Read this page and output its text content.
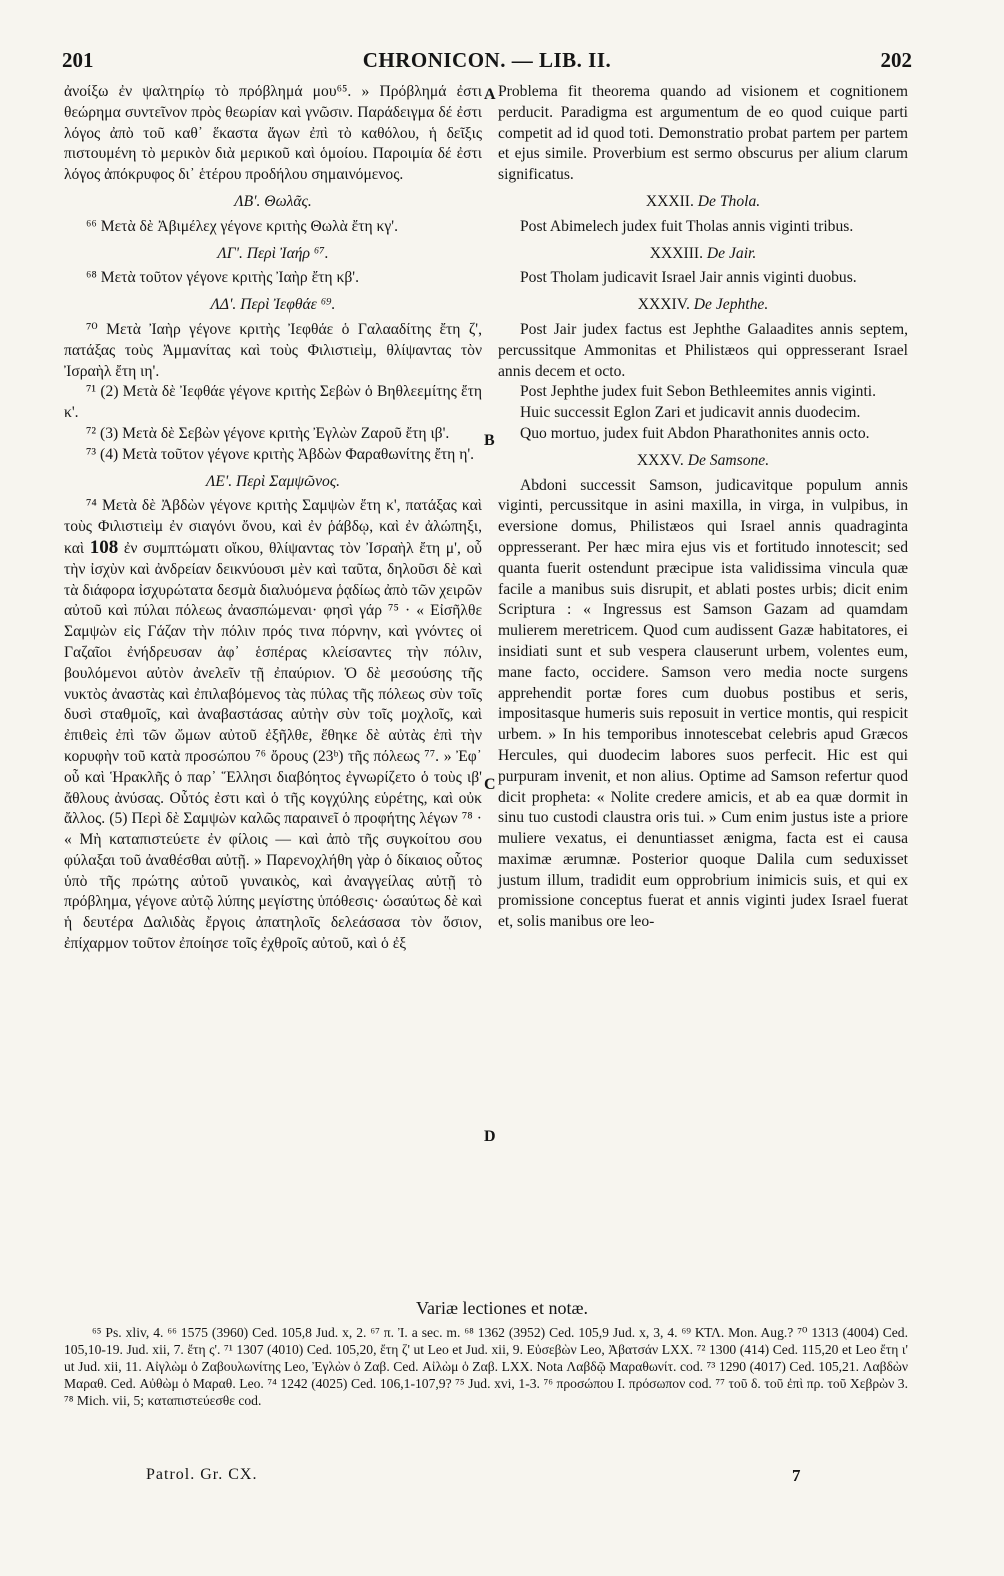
201	CHRONICON. — LIB. II.	202
A
B
C
D

ἀνοίξω ἐν ψαλτηρίῳ τὸ πρόβλημά μου⁶⁵. » Πρόβλημά ἐστι θεώρημα συντεῖνον πρὸς θεωρίαν καὶ γνῶσιν. Παράδειγμα δέ ἐστι λόγος ἀπὸ τοῦ καθ᾽ ἕκαστα ἄγων ἐπὶ τὸ καθόλου, ἡ δεῖξις πιστουμένη τὸ μερικὸν διὰ μερικοῦ καὶ ὁμοίου. Παροιμία δέ ἐστι λόγος ἀπόκρυφος δι᾽ ἑτέρου προδήλου σημαινόμενος.

ΛΒ'. Θωλᾶς.

⁶⁶ Μετὰ δὲ Ἀβιμέλεχ γέγονε κριτὴς Θωλὰ ἔτη κγ'.

ΛΓ'. Περὶ Ἰαήρ ⁶⁷.

⁶⁸ Μετὰ τοῦτον γέγονε κριτὴς Ἰαὴρ ἔτη κβ'.

ΛΔ'. Περὶ Ἰεφθάε ⁶⁹.

⁷⁰ Μετὰ Ἰαὴρ γέγονε κριτὴς Ἰεφθάε ὁ Γαλααδίτης ἔτη ζ', πατάξας τοὺς Ἀμμανίτας καὶ τοὺς Φιλιστιεὶμ, θλίψαντας τὸν Ἰσραὴλ ἔτη ιη'.

⁷¹ (2) Μετὰ δὲ Ἰεφθάε γέγονε κριτὴς Σεβὼν ὁ Βηθλεεμίτης ἔτη κ'.

⁷² (3) Μετὰ δὲ Σεβὼν γέγονε κριτὴς Ἐγλὼν Ζαροῦ ἔτη ιβ'.

⁷³ (4) Μετὰ τοῦτον γέγονε κριτὴς Ἀβδὼν Φαραθωνίτης ἔτη η'.

ΛΕ'. Περὶ Σαμψῶνος.

⁷⁴ Μετὰ δὲ Ἀβδὼν γέγονε κριτὴς Σαμψὼν ἔτη κ', πατάξας καὶ τοὺς Φιλιστιεὶμ ἐν σιαγόνι ὄνου, καὶ ἐν ῥάβδῳ, καὶ ἐν ἀλώπηξι, καὶ 108 ἐν συμπτώματι οἴκου, θλίψαντας τὸν Ἰσραὴλ ἔτη μ', οὗ τὴν ἰσχὺν καὶ ἀνδρείαν δεικνύουσι μὲν καὶ ταῦτα, δηλοῦσι δὲ καὶ τὰ διάφορα ἰσχυρώτατα δεσμὰ διαλυόμενα ῥᾳδίως ἀπὸ τῶν χειρῶν αὐτοῦ καὶ πύλαι πόλεως ἀνασπώμεναι· φησὶ γάρ ⁷⁵ · « Εἰσῆλθε Σαμψὼν εἰς Γάζαν τὴν πόλιν πρός τινα πόρνην, καὶ γνόντες οἱ Γαζαῖοι ἐνήδρευσαν ἀφ᾽ ἑσπέρας κλείσαντες τὴν πόλιν, βουλόμενοι αὐτὸν ἀνελεῖν τῇ ἐπαύριον. Ὁ δὲ μεσούσης τῆς νυκτὸς ἀναστὰς καὶ ἐπιλαβόμενος τὰς πύλας τῆς πόλεως σὺν τοῖς δυσὶ σταθμοῖς, καὶ ἀναβαστάσας αὐτὴν σὺν τοῖς μοχλοῖς, καὶ ἐπιθεὶς ἐπὶ τῶν ὤμων αὐτοῦ ἐξῆλθε, ἔθηκε δὲ αὐτὰς ἐπὶ τὴν κορυφὴν τοῦ κατὰ προσώπου ⁷⁶ ὄρους (23ᵇ) τῆς πόλεως ⁷⁷. » Ἐφ᾽ οὗ καὶ Ἡρακλῆς ὁ παρ᾽ Ἕλλησι διαβόητος ἐγνωρίζετο ὁ τοὺς ιβ' ἄθλους ἀνύσας. Οὗτός ἐστι καὶ ὁ τῆς κογχύλης εὑρέτης, καὶ οὐκ ἄλλος. (5) Περὶ δὲ Σαμψὼν καλῶς παραινεῖ ὁ προφήτης λέγων ⁷⁸ · « Μὴ καταπιστεύετε ἐν φίλοις — καὶ ἀπὸ τῆς συγκοίτου σου φύλαξαι τοῦ ἀναθέσθαι αὐτῇ. » Παρενοχλήθη γὰρ ὁ δίκαιος οὗτος ὑπὸ τῆς πρώτης αὐτοῦ γυναικὸς, καὶ ἀναγγείλας αὐτῇ τὸ πρόβλημα, γέγονε αὐτῷ λύπης μεγίστης ὑπόθεσις· ὡσαύτως δὲ καὶ ἡ δευτέρα Δαλιδὰς ἔργοις ἀπατηλοῖς δελεάσασα τὸν ὅσιον, ἐπίχαρμον τοῦτον ἐποίησε τοῖς ἐχθροῖς αὐτοῦ, καὶ ὁ ἐξ

Problema fit theorema quando ad visionem et cognitionem perducit. Paradigma est argumentum de eo quod cuique parti competit ad id quod toti. Demonstratio probat partem per partem et ejus simile. Proverbium est sermo obscurus per alium clarum significatus.

XXXII. De Thola.

Post Abimelech judex fuit Tholas annis viginti tribus.

XXXIII. De Jair.

Post Tholam judicavit Israel Jair annis viginti duobus.

XXXIV. De Jephthe.

Post Jair judex factus est Jephthe Galaadites annis septem, percussitque Ammonitas et Philistæos qui oppresserant Israel annis decem et octo.

Post Jephthe judex fuit Sebon Bethleemites annis viginti.

Huic successit Eglon Zari et judicavit annis duodecim.

Quo mortuo, judex fuit Abdon Pharathonites annis octo.

XXXV. De Samsone.

Abdoni successit Samson, judicavitque populum annis viginti, percussitque in asini maxilla, in virga, in vulpibus, in eversione domus, Philistæos qui Israel annis quadraginta oppresserant. Per hæc mira ejus vis et fortitudo innotescit; sed quanta fuerit ostendunt præcipue ista validissima vincula quæ facile a manibus suis disrupit, et ablati postes urbis; dicit enim Scriptura : « Ingressus est Samson Gazam ad quamdam mulierem meretricem. Quod cum audissent Gazæ habitatores, ei insidiati sunt et sub vespera clauserunt urbem, volentes eum, mane facto, occidere. Samson vero media nocte surgens apprehendit portæ fores cum duobus postibus et seris, impositasque humeris suis reposuit in vertice montis, qui respicit urbem. » In his temporibus innotescebat celebris apud Græcos Hercules, qui duodecim labores suos perfecit. Hic est qui purpuram invenit, et non alius. Optime ad Samson refertur quod dicit propheta: « Nolite credere amicis, et ab ea quæ dormit in sinu tuo custodi claustra oris tui. » Cum enim justus iste a priore muliere vexatus, ei denuntiasset ænigma, facta est ei causa maximæ ærumnæ. Posterior quoque Dalila cum seduxisset justum illum, tradidit eum opprobrium inimicis suis, et qui ex promissione conceptus fuerat et annis viginti judex Israel fuerat et, solis manibus ore leo-

Variæ lectiones et notæ.

⁶⁵ Ps. xliv, 4. ⁶⁶ 1575 (3960) Ced. 105,8 Jud. x, 2. ⁶⁷ π. Ἰ. a sec. m. ⁶⁸ 1362 (3952) Ced. 105,9 Jud. x, 3, 4. ⁶⁹ ΚΤΛ. Mon. Aug.? ⁷⁰ 1313 (4004) Ced. 105,10-19. Jud. xii, 7. ἔτη ς'. ⁷¹ 1307 (4010) Ced. 105,20, ἔτη ζ' ut Leo et Jud. xii, 9. Εὐσεβὼν Leo, Ἀβατσάν LXX. ⁷² 1300 (414) Ced. 115,20 et Leo ἔτη ι' ut Jud. xii, 11. Αἰγλὼμ ὁ Ζαβουλωνίτης Leo, Ἐγλὼν ὁ Ζαβ. Ced. Αἰλὼμ ὁ Ζαβ. LXX. Nota Λαβδῷ Μαραθωνίτ. cod. ⁷³ 1290 (4017) Ced. 105,21. Λαβδὼν Μαραθ. Ced. Αὐθὼμ ὁ Μαραθ. Leo. ⁷⁴ 1242 (4025) Ced. 106,1-107,9? ⁷⁵ Jud. xvi, 1-3. ⁷⁶ προσώπου I. πρόσωπον cod. ⁷⁷ τοῦ δ. τοῦ ἐπὶ πρ. τοῦ Χεβρὼν 3. ⁷⁸ Mich. vii, 5; καταπιστεύεσθε cod.

Patrol. Gr. CX.	7
